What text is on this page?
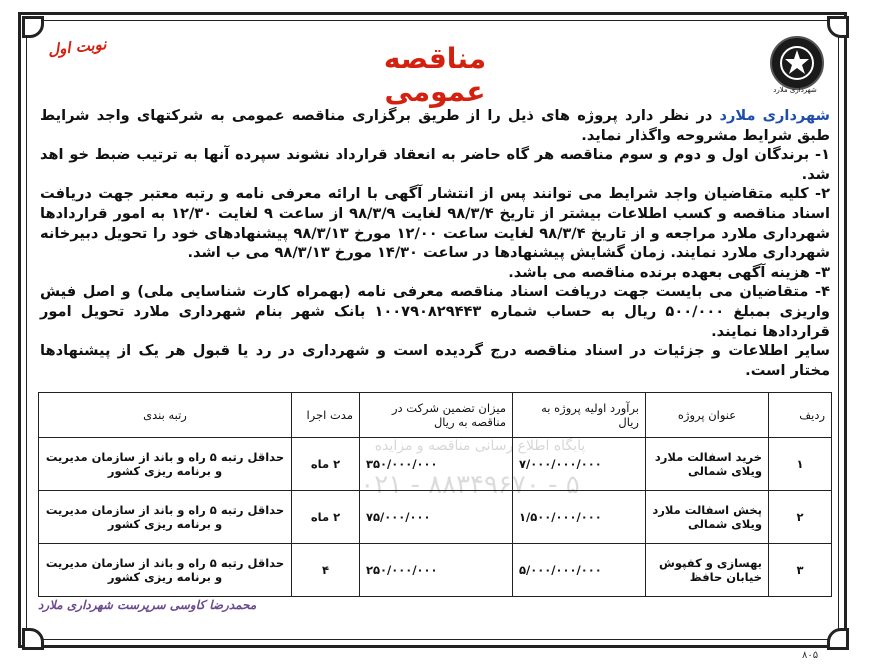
شهرداری ملارد
نوبت اول	مناقصه عمومی

شهرداری ملارد در نظر دارد پروژه های ذیل را از طریق برگزاری مناقصه عمومی به شرکتهای واجد شرایط طبق شرایط مشروحه واگذار نماید.

۱- برندگان اول و دوم و سوم مناقصه هر گاه حاضر به انعقاد قرارداد نشوند سپرده آنها به ترتیب ضبط خو اهد شد.

۲- کلیه متقاضیان واجد شرایط می توانند پس از انتشار آگهی با ارائه معرفی نامه و رتبه معتبر جهت دریافت اسناد مناقصه و کسب اطلاعات بیشتر از تاریخ ۹۸/۳/۴ لغایت ۹۸/۳/۹ از ساعت ۹ لغایت ۱۲/۳۰ به امور قراردادها شهرداری ملارد مراجعه و از تاریخ ۹۸/۳/۴ لغایت ساعت ۱۲/۰۰ مورخ ۹۸/۳/۱۳ پیشنهادهای خود را تحویل دبیرخانه شهرداری ملارد نمایند. زمان گشایش پیشنهادها در ساعت ۱۴/۳۰ مورخ ۹۸/۳/۱۳ می ب اشد.

۳- هزینه آگهی بعهده برنده مناقصه می باشد.

۴- متقاضیان می بایست جهت دریافت اسناد مناقصه معرفی نامه (بهمراه کارت شناسایی ملی) و اصل فیش واریزی بمبلغ ۵۰۰/۰۰۰ ریال به حساب شماره ۱۰۰۷۹۰۸۲۹۴۴۳ بانک شهر بنام شهرداری ملارد تحویل امور قراردادها نمایند.

سایر اطلاعات و جزئیات در اسناد مناقصه درج گردیده است و شهرداری در رد یا قبول هر یک از پیشنهادها مختار است.

ردیف	عنوان پروژه	برآورد اولیه پروژه به ریال	میزان تضمین شرکت در مناقصه به ریال	مدت اجرا	رتبه بندی
۱	خرید اسفالت ملارد ویلای شمالی	۷/۰۰۰/۰۰۰/۰۰۰	۳۵۰/۰۰۰/۰۰۰	۲ ماه	حداقل رتبه ۵ راه و باند از سازمان مدیریت و برنامه ریزی کشور
۲	پخش اسفالت ملارد ویلای شمالی	۱/۵۰۰/۰۰۰/۰۰۰	۷۵/۰۰۰/۰۰۰	۲ ماه	حداقل رتبه ۵ راه و باند از سازمان مدیریت و برنامه ریزی کشور
۳	بهسازی و کفپوش خیابان حافظ	۵/۰۰۰/۰۰۰/۰۰۰	۲۵۰/۰۰۰/۰۰۰	۴	حداقل رتبه ۵ راه و باند از سازمان مدیریت و برنامه ریزی کشور
پایگاه اطلاع رسانی مناقصه و مزایده
۰۲۱ - ۸۸۳۴۹۶۷۰ - ۵
محمدرضا کاوسی سرپرست شهرداری ملارد
۸۰۵
